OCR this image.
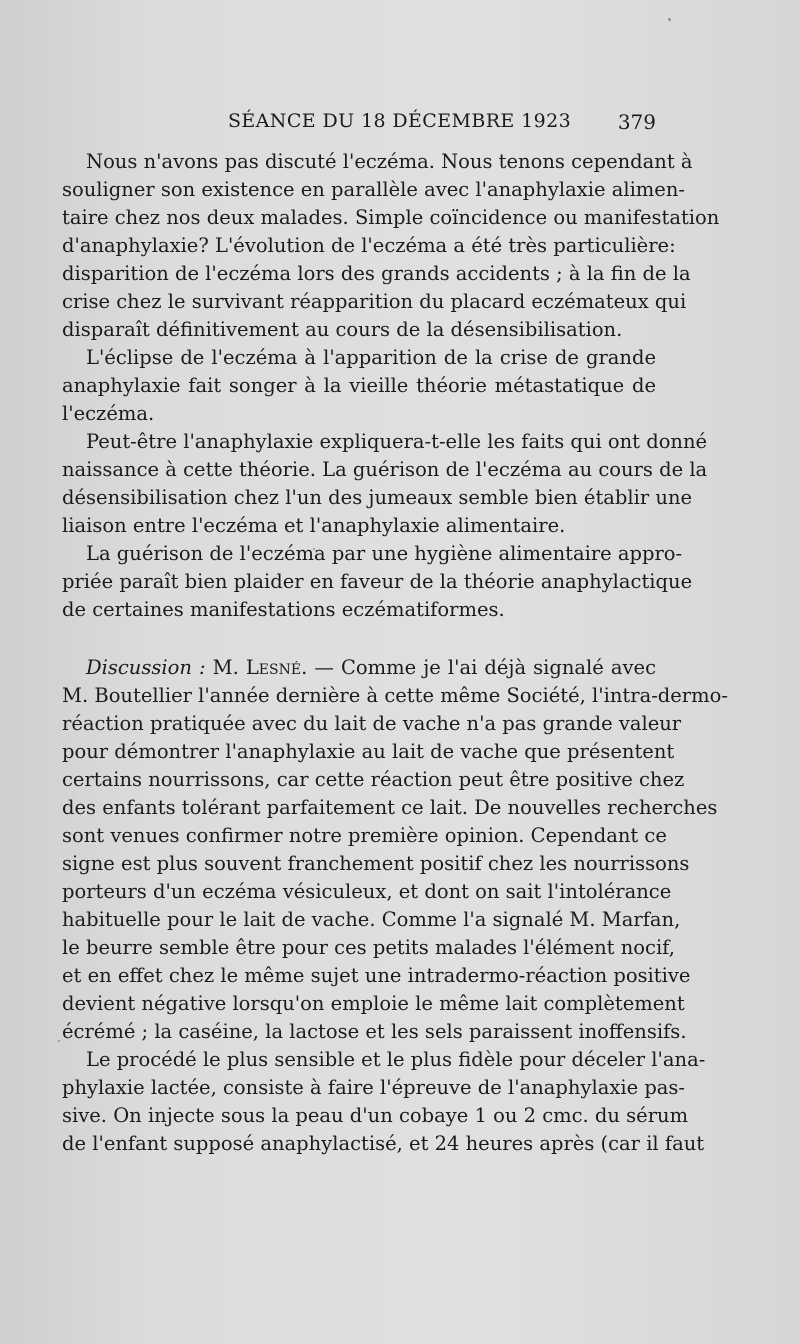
SÉANCE DU 18 DÉCEMBRE 1923 379
Nous n'avons pas discuté l'eczéma. Nous tenons cependant à
souligner son existence en parallèle avec l'anaphylaxie alimen-
taire chez nos deux malades. Simple coïncidence ou manifestation
d'anaphylaxie? L'évolution de l'eczéma a été très particulière:
disparition de l'eczéma lors des grands accidents ; à la fin de la
crise chez le survivant réapparition du placard eczémateux qui
disparaît définitivement au cours de la désensibilisation.
L'éclipse de l'eczéma à l'apparition de la crise de grande
anaphylaxie fait songer à la vieille théorie métastatique de
l'eczéma.
Peut-être l'anaphylaxie expliquera-t-elle les faits qui ont donné
naissance à cette théorie. La guérison de l'eczéma au cours de la
désensibilisation chez l'un des jumeaux semble bien établir une
liaison entre l'eczéma et l'anaphylaxie alimentaire.
La guérison de l'eczéma par une hygiène alimentaire appro-
priée paraît bien plaider en faveur de la théorie anaphylactique
de certaines manifestations eczématiformes.
Discussion : M. Lesné. — Comme je l'ai déjà signalé avec
M. Boutellier l'année dernière à cette même Société, l'intra-dermo-
réaction pratiquée avec du lait de vache n'a pas grande valeur
pour démontrer l'anaphylaxie au lait de vache que présentent
certains nourrissons, car cette réaction peut être positive chez
des enfants tolérant parfaitement ce lait. De nouvelles recherches
sont venues confirmer notre première opinion. Cependant ce
signe est plus souvent franchement positif chez les nourrissons
porteurs d'un eczéma vésiculeux, et dont on sait l'intolérance
habituelle pour le lait de vache. Comme l'a signalé M. Marfan,
le beurre semble être pour ces petits malades l'élément nocif,
et en effet chez le même sujet une intradermo-réaction positive
devient négative lorsqu'on emploie le même lait complètement
écrémé ; la caséine, la lactose et les sels paraissent inoffensifs.
Le procédé le plus sensible et le plus fidèle pour déceler l'ana-
phylaxie lactée, consiste à faire l'épreuve de l'anaphylaxie pas-
sive. On injecte sous la peau d'un cobaye 1 ou 2 cmc. du sérum
de l'enfant supposé anaphylactisé, et 24 heures après (car il faut
